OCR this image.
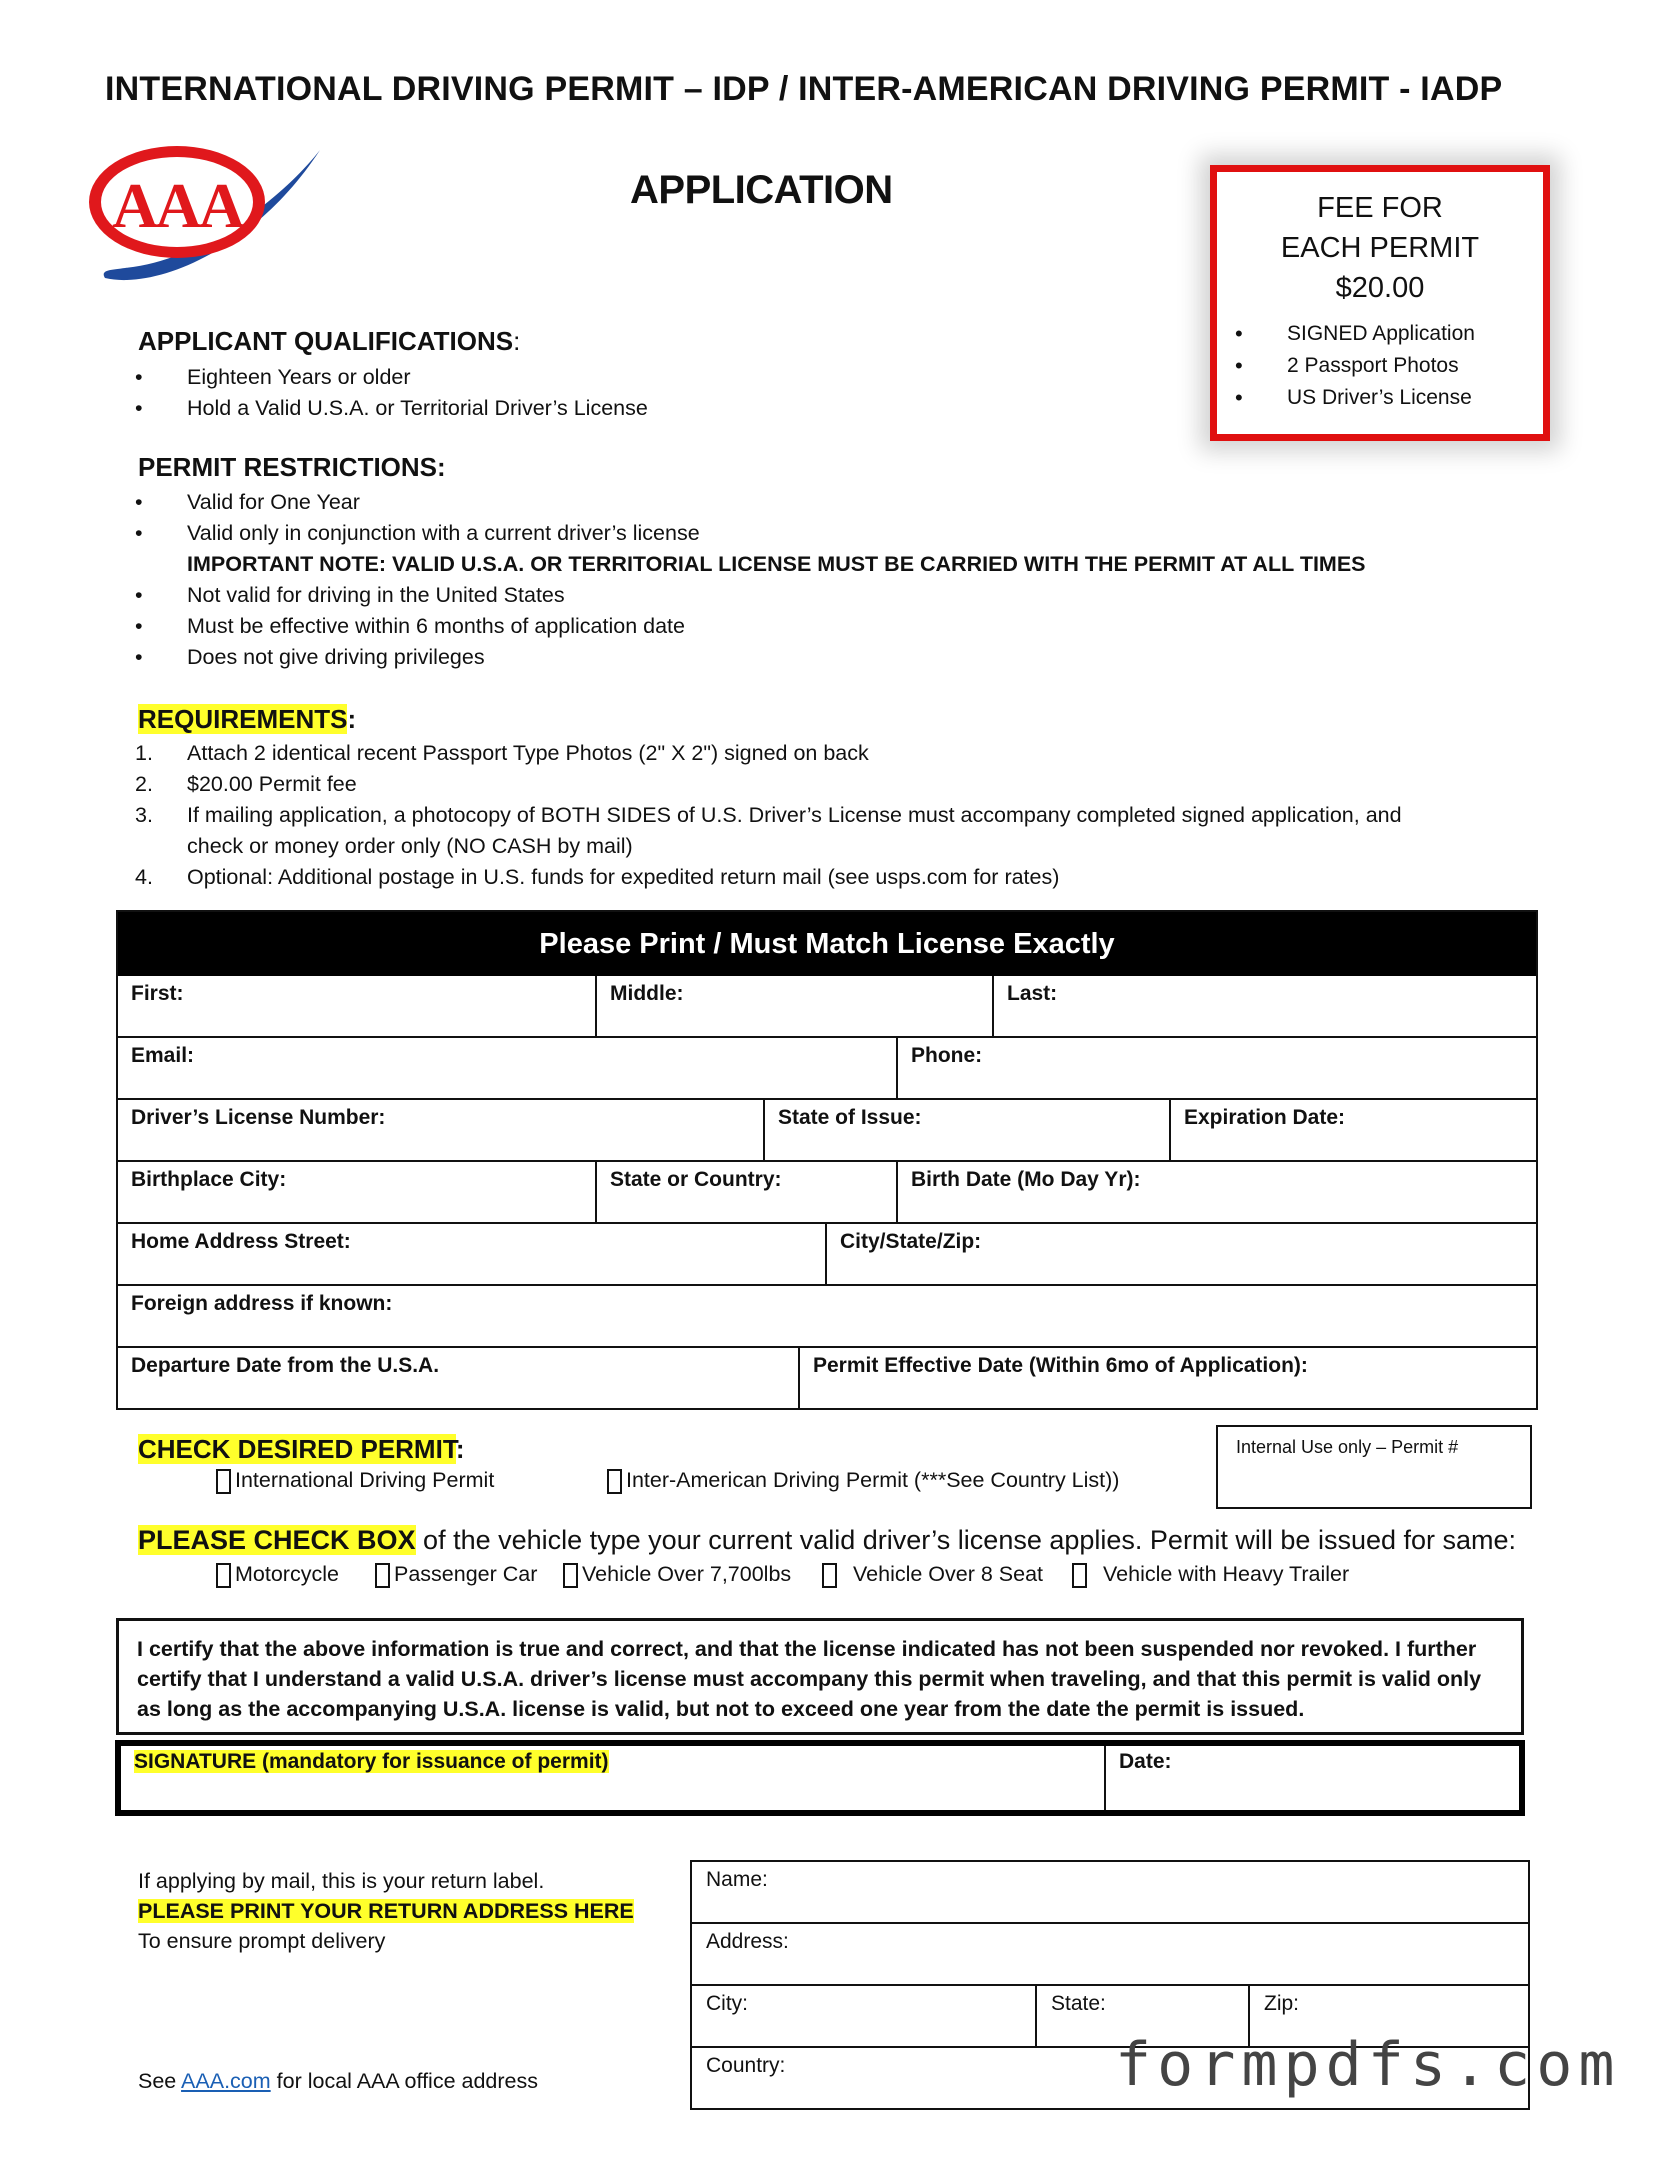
INTERNATIONAL DRIVING PERMIT – IDP / INTER-AMERICAN DRIVING PERMIT - IADP
AAA	APPLICATION	FEE FOR
EACH PERMIT
$20.00
• SIGNED Application
• 2 Passport Photos
• US Driver’s License
APPLICANT QUALIFICATIONS:
•	Eighteen Years or older
•	Hold a Valid U.S.A. or Territorial Driver’s License
PERMIT RESTRICTIONS:
•	Valid for One Year
•	Valid only in conjunction with a current driver’s license
IMPORTANT NOTE: VALID U.S.A. OR TERRITORIAL LICENSE MUST BE CARRIED WITH THE PERMIT AT ALL TIMES
•	Not valid for driving in the United States
•	Must be effective within 6 months of application date
•	Does not give driving privileges
REQUIREMENTS:
1.	Attach 2 identical recent Passport Type Photos (2" X 2") signed on back
2.	$20.00 Permit fee
3.	If mailing application, a photocopy of BOTH SIDES of U.S. Driver’s License must accompany completed signed application, and
check or money order only (NO CASH by mail)
4.	Optional: Additional postage in U.S. funds for expedited return mail (see usps.com for rates)
Please Print / Must Match License Exactly
First:	Middle:	Last:
Email:	Phone:
Driver’s License Number:	State of Issue:	Expiration Date:
Birthplace City:	State or Country:	Birth Date (Mo Day Yr):
Home Address Street:	City/State/Zip:
Foreign address if known:
Departure Date from the U.S.A.	Permit Effective Date (Within 6mo of Application):
CHECK DESIRED PERMIT:
International Driving Permit	Inter-American Driving Permit (***See Country List))
Internal Use only – Permit #
PLEASE CHECK BOX of the vehicle type your current valid driver’s license applies. Permit will be issued for same:
Motorcycle	Passenger Car	Vehicle Over 7,700lbs	Vehicle Over 8 Seat	Vehicle with Heavy Trailer
I certify that the above information is true and correct, and that the license indicated has not been suspended nor revoked. I further
certify that I understand a valid U.S.A. driver’s license must accompany this permit when traveling, and that this permit is valid only
as long as the accompanying U.S.A. license is valid, but not to exceed one year from the date the permit is issued.
SIGNATURE (mandatory for issuance of permit)	Date:
If applying by mail, this is your return label.
PLEASE PRINT YOUR RETURN ADDRESS HERE
To ensure prompt delivery
See AAA.com for local AAA office address
Name:
Address:
City:	State:	Zip:
Country:	formpdfs.com
